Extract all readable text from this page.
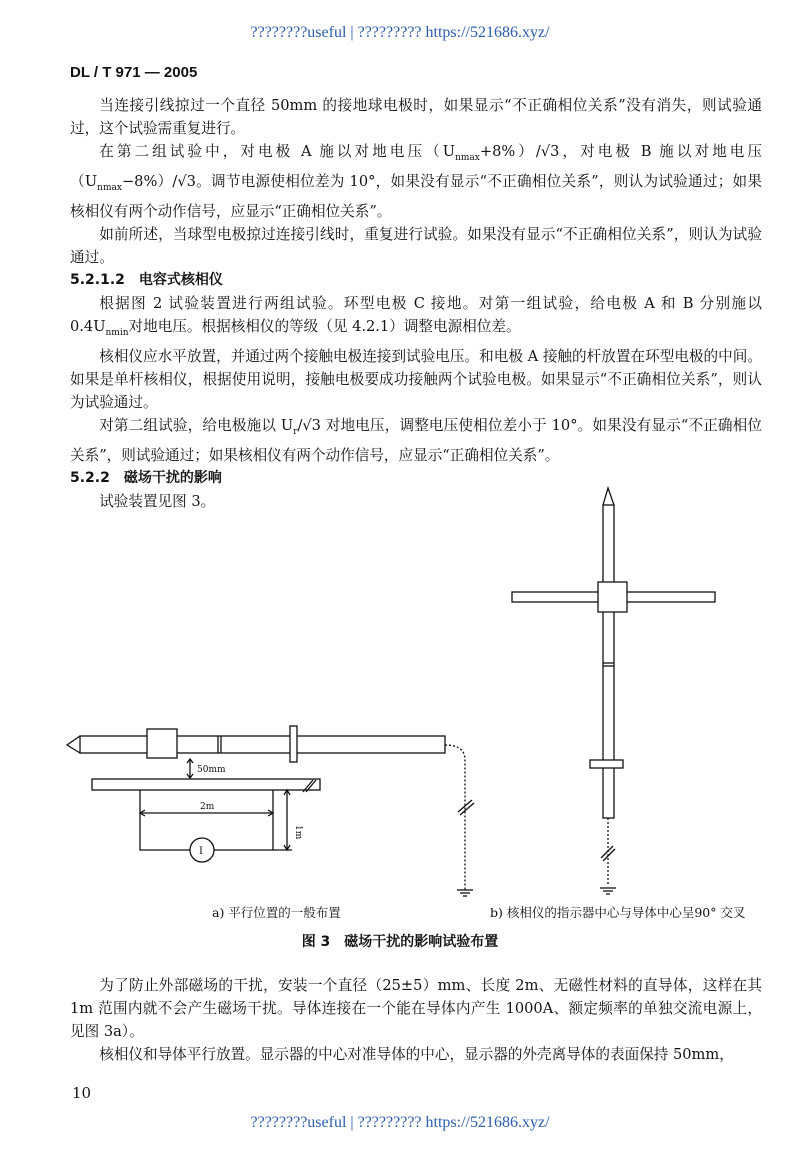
????????useful | ????????? https://521686.xyz/
DL / T 971 — 2005

当连接引线掠过一个直径 50mm 的接地球电极时，如果显示“不正确相位关系”没有消失，则试验通过，这个试验需重复进行。

在第二组试验中，对电极 A 施以对地电压$(U_{nmax}+8\%)/√3$，对电极 B 施以对地电压$(U_{nmax}-8\%)/√3$。调节电源使相位差为 10°，如果没有显示“不正确相位关系”，则认为试验通过；如果核相仪有两个动作信号，应显示“正确相位关系”。

如前所述，当球型电极掠过连接引线时，重复进行试验。如果没有显示“不正确相位关系”，则认为试验通过。

5.2.1.2　电容式核相仪

根据图 2 试验装置进行两组试验。环型电极 C 接地。对第一组试验，给电极 A 和 B 分别施以 $0.4U_{nmin}$对地电压。根据核相仪的等级（见 4.2.1）调整电源相位差。

核相仪应水平放置，并通过两个接触电极连接到试验电压。和电极 A 接触的杆放置在环型电极的中间。如果是单杆核相仪，根据使用说明，接触电极要成功接触两个试验电极。如果显示“不正确相位关系”，则认为试验通过。

对第二组试验，给电极施以 $U_r/√3$ 对地电压，调整电压使相位差小于 10°。如果没有显示“不正确相位关系”，则试验通过；如果核相仪有两个动作信号，应显示“正确相位关系”。

5.2.2　磁场干扰的影响

试验装置见图 3。

50mm
2m
1m
I
a) 平行位置的一般布置	b) 核相仪的指示器中心与导体中心呈90° 交叉
图 3　磁场干扰的影响试验布置

为了防止外部磁场的干扰，安装一个直径（25±5）mm、长度 2m、无磁性材料的直导体，这样在其 1m 范围内就不会产生磁场干扰。导体连接在一个能在导体内产生 1000A、额定频率的单独交流电源上，见图 3a）。

核相仪和导体平行放置。显示器的中心对准导体的中心，显示器的外壳离导体的表面保持 50mm，

10
????????useful | ????????? https://521686.xyz/
